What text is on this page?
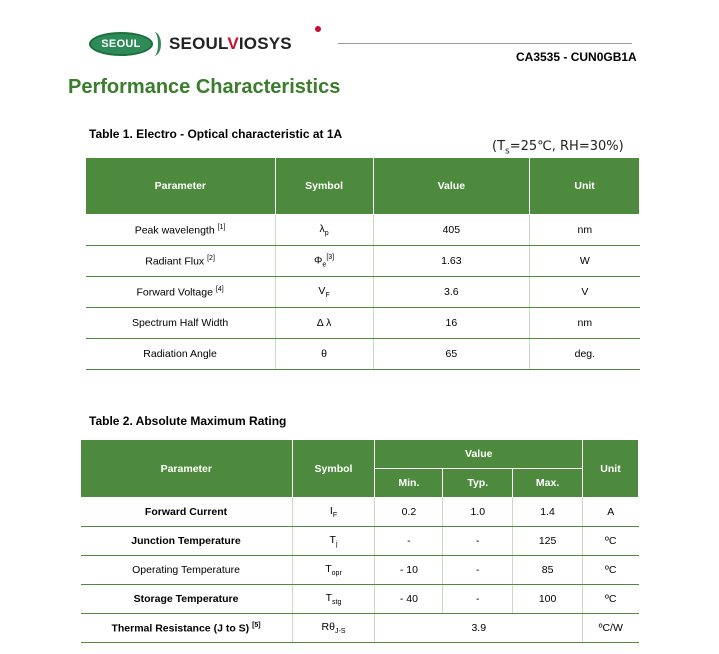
SEOUL SEOULVIOSYS
CA3535 - CUN0GB1A
Performance Characteristics
Table 1. Electro - Optical characteristic at 1A
($T_s=25℃$, RH=30%)
Parameter	Symbol	Value	Unit
Peak wavelength [1]	$\lambda_p$	405	nm
Radiant Flux [2]	$\Phi_e[3]$	1.63	W
Forward Voltage [4]	$V_F$	3.6	V
Spectrum Half Width	Δ λ	16	nm
Radiation Angle	θ	65	deg.
Table 2. Absolute Maximum Rating
Parameter	Symbol	Value			Unit
		Min.	Typ.	Max.	
Forward Current	$I_F$	0.2	1.0	1.4	A
Junction Temperature	$T_j$	-	-	125	ºC
Operating Temperature	$T_{opr}$	- 10	-	85	ºC
Storage Temperature	$T_{stg}$	- 40	-	100	ºC
Thermal Resistance (J to S) [5]	$R\theta_{J-S}$	3.9			ºC/W
